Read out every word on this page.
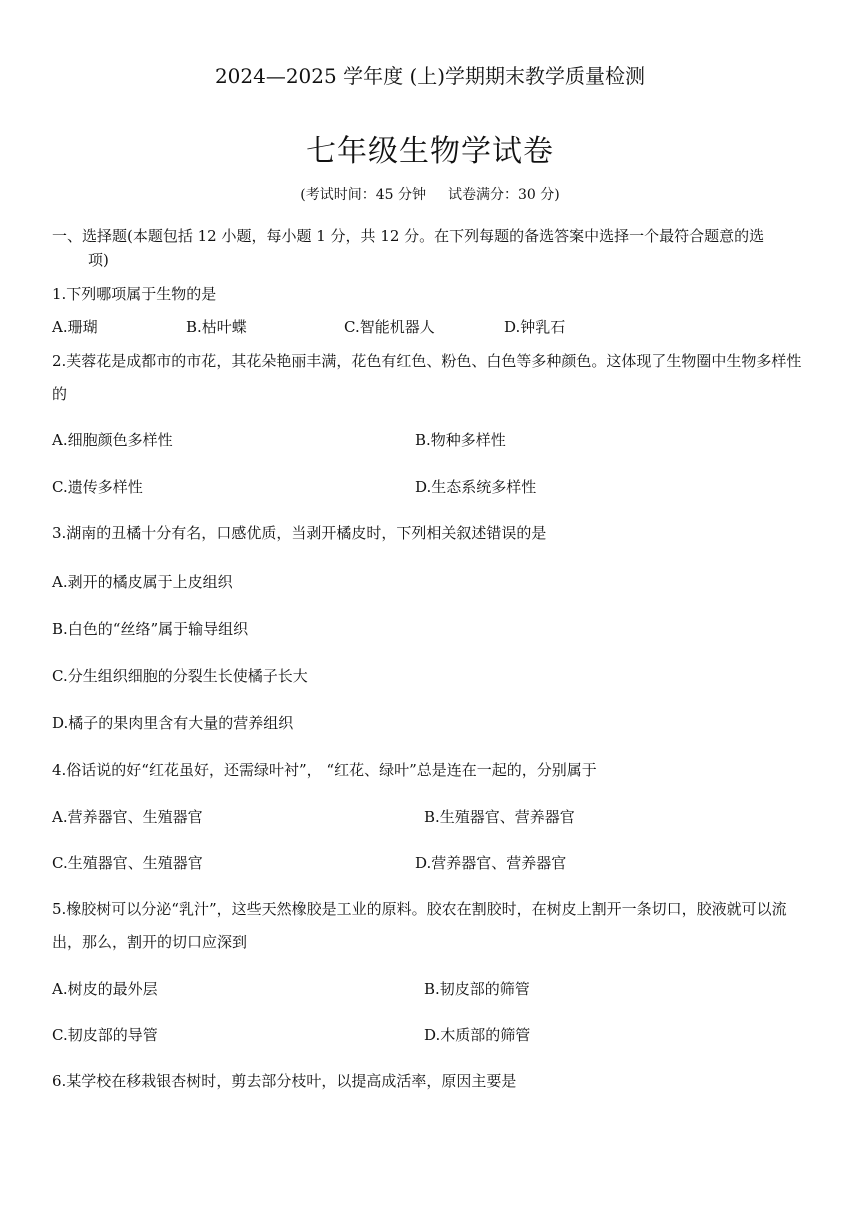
2024—2025 学年度 (上)学期期末教学质量检测
七年级生物学试卷
(考试时间：45 分钟 试卷满分：30 分)
一、选择题(本题包括 12 小题，每小题 1 分，共 12 分。在下列每题的备选答案中选择一个最符合题意的选
项)
1.下列哪项属于生物的是
A.珊瑚	B.枯叶蝶	C.智能机器人	D.钟乳石
2.芙蓉花是成都市的市花，其花朵艳丽丰满，花色有红色、粉色、白色等多种颜色。这体现了生物圈中生物多样性的
A.细胞颜色多样性	B.物种多样性
C.遗传多样性	D.生态系统多样性
3.湖南的丑橘十分有名，口感优质，当剥开橘皮时，下列相关叙述错误的是
A.剥开的橘皮属于上皮组织
B.白色的“丝络”属于输导组织
C.分生组织细胞的分裂生长使橘子长大
D.橘子的果肉里含有大量的营养组织
4.俗话说的好“红花虽好，还需绿叶衬”， “红花、绿叶”总是连在一起的，分别属于
A.营养器官、生殖器官	B.生殖器官、营养器官
C.生殖器官、生殖器官	D.营养器官、营养器官
5.橡胶树可以分泌“乳汁”，这些天然橡胶是工业的原料。胶农在割胶时，在树皮上割开一条切口，胶液就可以流出，那么，割开的切口应深到
A.树皮的最外层	B.韧皮部的筛管
C.韧皮部的导管	D.木质部的筛管
6.某学校在移栽银杏树时，剪去部分枝叶，以提高成活率，原因主要是
